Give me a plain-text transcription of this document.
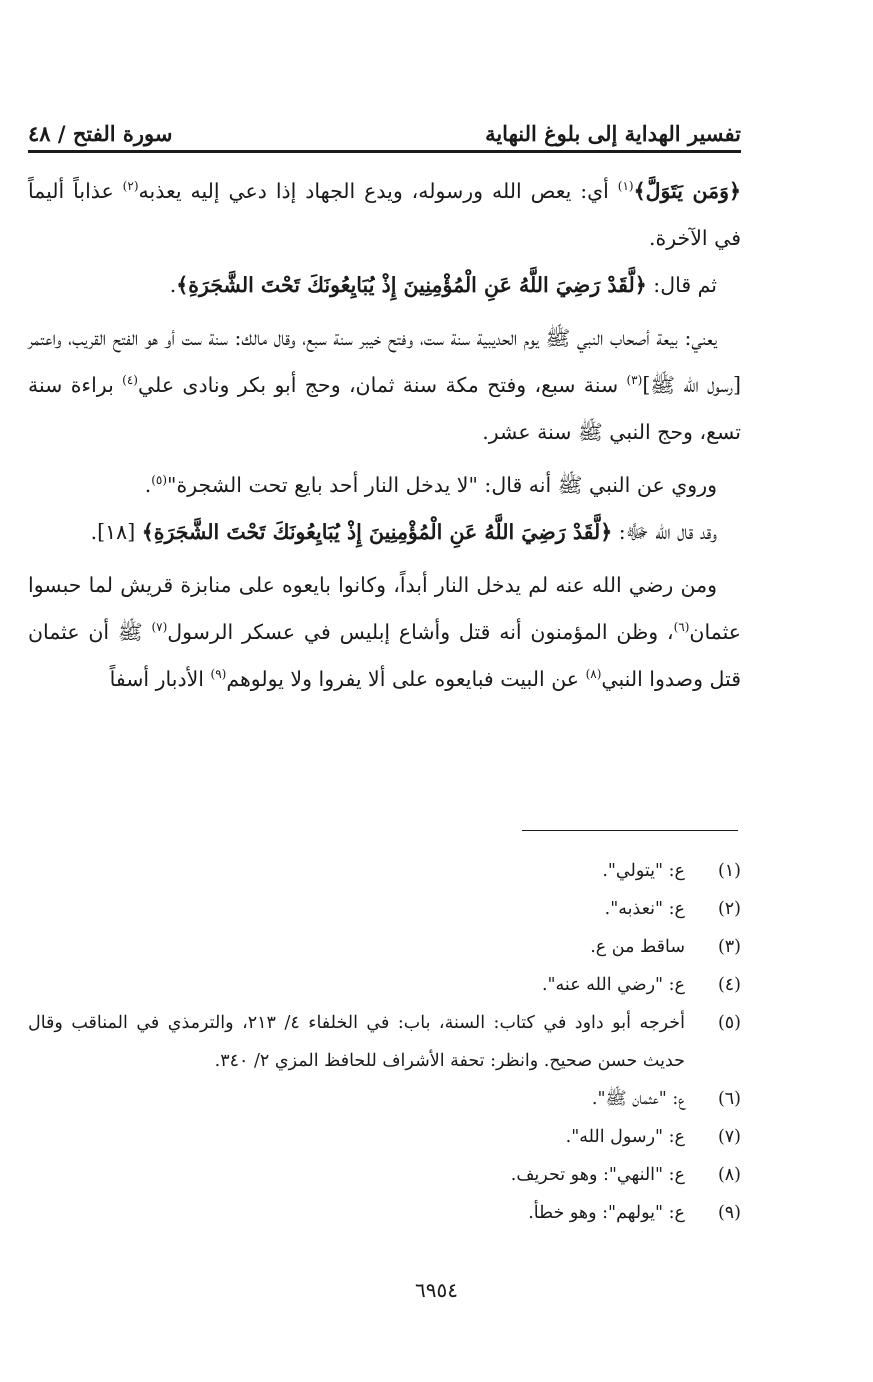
تفسير الهداية إلى بلوغ النهاية
سورة الفتح / ٤٨

﴿وَمَن يَتَوَلَّ﴾$^{(١)}$ أي: يعص الله ورسوله، ويدع الجهاد إذا دعي إليه يعذبه$^{(٢)}$ عذاباً أليماً في الآخرة.

ثم قال: ﴿لَّقَدْ رَضِيَ اللَّهُ عَنِ الْمُؤْمِنِينَ إِذْ يُبَايِعُونَكَ تَحْتَ الشَّجَرَةِ﴾.

يعني: بيعة أصحاب النبي ﷺ يوم الحديبية سنة ست، وفتح خيبر سنة سبع، وقال مالك: سنة ست أو هو الفتح القريب، واعتمر [رسول الله ﷺ]$^{(٣)}$ سنة سبع، وفتح مكة سنة ثمان، وحج أبو بكر ونادى علي$^{(٤)}$ براءة سنة تسع، وحج النبي ﷺ سنة عشر.

وروي عن النبي ﷺ أنه قال: "لا يدخل النار أحد بايع تحت الشجرة"$^{(٥)}$.

وقد قال الله ﷻ: ﴿لَّقَدْ رَضِيَ اللَّهُ عَنِ الْمُؤْمِنِينَ إِذْ يُبَايِعُونَكَ تَحْتَ الشَّجَرَةِ﴾ [١٨].

ومن رضي الله عنه لم يدخل النار أبداً، وكانوا بايعوه على منابزة قريش لما حبسوا عثمان$^{(٦)}$، وظن المؤمنون أنه قتل وأشاع إبليس في عسكر الرسول$^{(٧)}$ ﷺ أن عثمان قتل وصدوا النبي$^{(٨)}$ عن البيت فبايعوه على ألا يفروا ولا يولوهم$^{(٩)}$ الأدبار أسفاً

(١)
ع: "يتولي".
(٢)
ع: "نعذبه".
(٣)
ساقط من ع.
(٤)
ع: "رضي الله عنه".
(٥)
أخرجه أبو داود في كتاب: السنة، باب: في الخلفاء ٤/ ٢١٣، والترمذي في المناقب وقال حديث حسن صحيح. وانظر: تحفة الأشراف للحافظ المزي ٢/ ٣٤٠.
(٦)
ع: "عثمان ﷺ".
(٧)
ع: "رسول الله".
(٨)
ع: "النهي": وهو تحريف.
(٩)
ع: "يولهم": وهو خطأ.
٦٩٥٤
